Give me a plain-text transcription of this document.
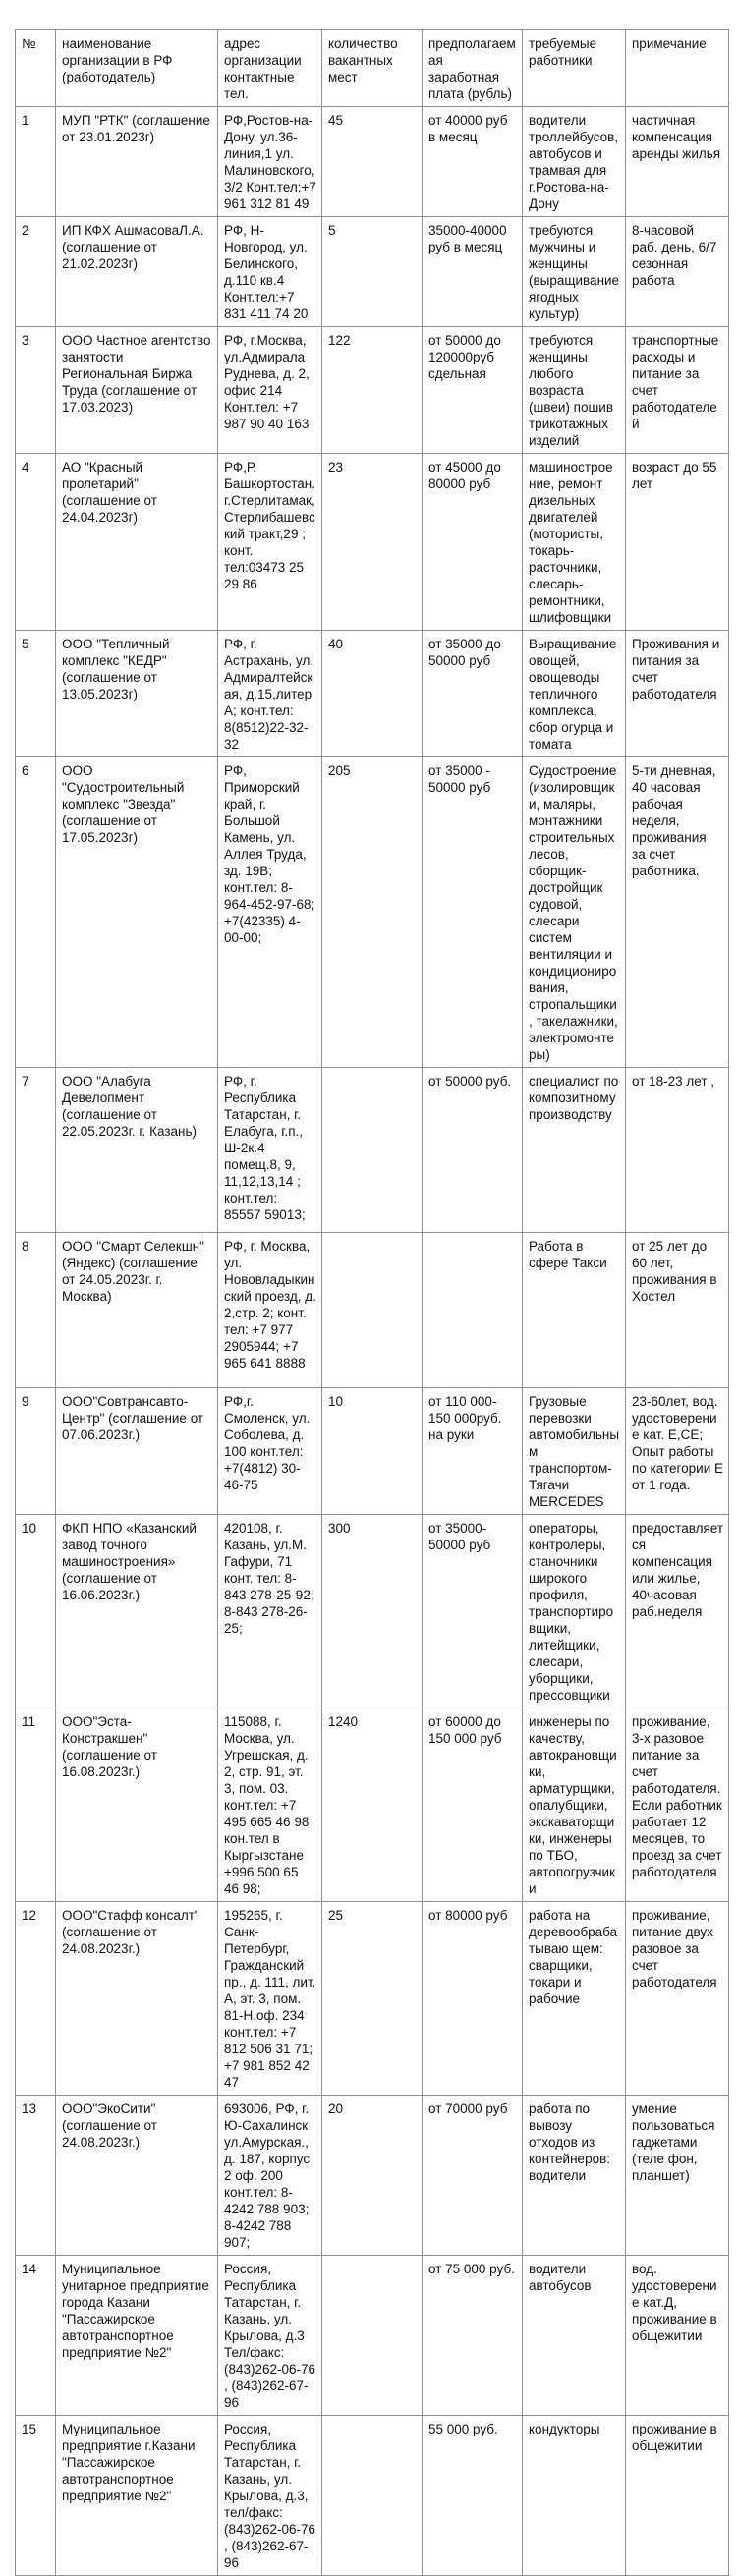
№	наименование организации в РФ (работодатель)	адрес организации контактные тел.	количество вакантных мест	предполагаемая заработная плата (рубль)	требуемые работники	примечание
1	МУП "РТК" (соглашение от 23.01.2023г)	РФ,Ростов-на-Дону, ул.36-линия,1 ул. Малиновского, 3/2 Конт.тел:+7 961 312 81 49	45	от 40000 руб в месяц	водители троллейбусов, автобусов и трамвая для г.Ростова-на-Дону	частичная компенсация аренды жилья
2	ИП КФХ АшмасоваЛ.А. (соглашение от 21.02.2023г)	РФ, Н-Новгород, ул. Белинского, д.110 кв.4 Конт.тел:+7 831 411 74 20	5	35000-40000 руб в месяц	требуются мужчины и женщины (выращивание ягодных культур)	8-часовой раб. день, 6/7 сезонная работа
3	ООО Частное агентство занятости Региональная Биржа Труда (соглашение от 17.03.2023)	РФ, г.Москва, ул.Адмирала Руднева, д. 2, офис 214 Конт.тел: +7 987 90 40 163	122	от 50000 до 120000руб сдельная	требуются женщины любого возраста (швеи) пошив трикотажных изделий	транспортные расходы и питание за счет работодателей
4	АО "Красный пролетарий" (соглашение от 24.04.2023г)	РФ,Р. Башкортостан. г.Стерлитамак, Стерлибашевский тракт,29 ; конт. тел:03473 25 29 86	23	от 45000 до 80000 руб	машиностроение, ремонт дизельных двигателей (мотористы, токарь-расточники, слесарь-ремонтники, шлифовщики	возраст до 55 лет
5	ООО "Тепличный комплекс "КЕДР" (соглашение от 13.05.2023г)	РФ, г. Астрахань, ул. Адмиралтейская, д.15,литер А; конт.тел: 8(8512)22-32-32	40	от 35000 до 50000 руб	Выращивание овощей, овощеводы тепличного комплекса, сбор огурца и томата	Проживания и питания за счет работодателя
6	ООО "Судостроительный комплекс "Звезда" (соглашение от 17.05.2023г)	РФ, Приморский край, г. Большой Камень, ул. Аллея Труда, зд. 19В; конт.тел: 8-964-452-97-68; +7(42335) 4-00-00;	205	от 35000 - 50000 руб	Судостроение (изолировщики, маляры, монтажники строительных лесов, сборщик-достройщик судовой, слесари систем вентиляции и кондиционирования, стропальщики, такелажники, электромонтеры)	5-ти дневная, 40 часовая рабочая неделя, проживания за счет работника.
7	ООО "Алабуга Девелопмент (соглашение от 22.05.2023г. г. Казань)	РФ, г. Республика Татарстан, г. Елабуга, г.п., Ш-2к.4 помещ.8, 9, 11,12,13,14 ; конт.тел: 85557 59013;		от 50000 руб.	специалист по композитному производству	от 18-23 лет ,
8	ООО "Смарт Селекшн" (Яндекс) (соглашение от 24.05.2023г. г. Москва)	РФ, г. Москва, ул. Нововладыкинский проезд, д. 2,стр. 2; конт. тел: +7 977 2905944; +7 965 641 8888			Работа в сфере Такси	от 25 лет до 60 лет, проживания в Хостел
9	ООО"Совтрансавто-Центр" (соглашение от 07.06.2023г.)	РФ,г. Смоленск, ул. Соболева, д. 100 конт.тел: +7(4812) 30-46-75	10	от 110 000-150 000руб. на руки	Грузовые перевозки автомобильным транспортом-Тягачи MERCEDES	23-60лет, вод. удостоверение кат. Е,СЕ; Опыт работы по категории Е от 1 года.
10	ФКП НПО «Казанский завод точного машиностроения» (соглашение от 16.06.2023г.)	420108, г. Казань, ул.М. Гафури, 71 конт. тел: 8-843 278-25-92; 8-843 278-26-25;	300	от 35000-50000 руб	операторы, контролеры, станочники широкого профиля, транспортировщики, литейщики, слесари, уборщики, прессовщики	предоставляется компенсация или жилье, 40часовая раб.неделя
11	ООО"Эста-Констракшен" (соглашение от 16.08.2023г.)	115088, г. Москва, ул. Угрешская, д. 2, стр. 91, эт. 3, пом. 03. конт.тел: +7 495 665 46 98 кон.тел в Кыргызстане +996 500 65 46 98;	1240	от 60000 до 150 000 руб	инженеры по качеству, автокрановщики, арматурщики, опалубщики, экскаваторщики, инженеры по ТБО, автопогрузчики	проживание, 3-х разовое питание за счет работодателя. Если работник работает 12 месяцев, то проезд за счет работодателя
12	ООО"Стафф консалт" (соглашение от 24.08.2023г.)	195265, г. Санк-Петербург, Гражданский пр., д. 111, лит. А, эт. 3, пом. 81-Н,оф. 234 конт.тел: +7 812 506 31 71; +7 981 852 42 47	25	от 80000 руб	работа на деревообрабатываю щем: сварщики, токари и рабочие	проживание, питание двух разовое за счет работодателя
13	ООО"ЭкоСити" (соглашение от 24.08.2023г.)	693006, РФ, г. Ю-Сахалинск ул.Амурская., д. 187, корпус 2 оф. 200 конт.тел: 8-4242 788 903; 8-4242 788 907;	20	от 70000 руб	работа по вывозу отходов из контейнеров: водители	умение пользоваться гаджетами (теле фон, планшет)
14	Муниципальное унитарное предприятие города Казани "Пассажирское автотранспортное предприятие №2"	Россия, Республика Татарстан, г. Казань, ул. Крылова, д.3 Тел/факс: (843)262-06-76 , (843)262-67-96		от 75 000 руб.	водители автобусов	вод. удостоверение кат.Д, проживание в общежитии
15	Муниципальное предприятие г.Казани "Пассажирское автотранспортное предприятие №2"	Россия, Республика Татарстан, г. Казань, ул. Крылова, д.3, тел/факс: (843)262-06-76 , (843)262-67-96		55 000 руб.	кондукторы	проживание в общежитии
